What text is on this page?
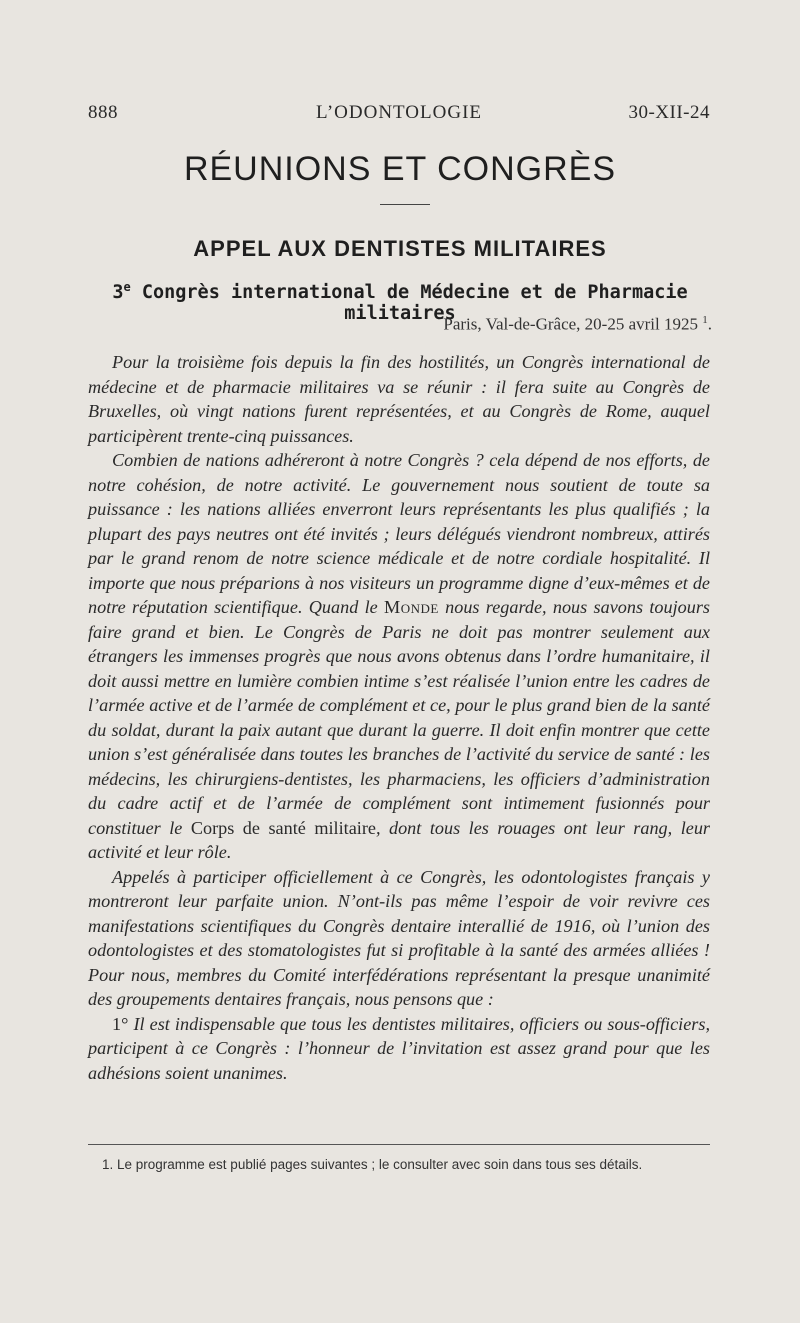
888	L’ODONTOLOGIE	30-XII-24
RÉUNIONS ET CONGRÈS
APPEL AUX DENTISTES MILITAIRES
3e Congrès international de Médecine et de Pharmacie militaires
Paris, Val-de-Grâce, 20-25 avril 1925 $^1$.

Pour la troisième fois depuis la fin des hostilités, un Congrès international de médecine et de pharmacie militaires va se réunir : il fera suite au Congrès de Bruxelles, où vingt nations furent représentées, et au Congrès de Rome, auquel participèrent trente-cinq puissances.

Combien de nations adhéreront à notre Congrès ? cela dépend de nos efforts, de notre cohésion, de notre activité. Le gouvernement nous soutient de toute sa puissance : les nations alliées enverront leurs représentants les plus qualifiés ; la plupart des pays neutres ont été invités ; leurs délégués viendront nombreux, attirés par le grand renom de notre science médicale et de notre cordiale hospitalité. Il importe que nous préparions à nos visiteurs un programme digne d’eux-mêmes et de notre réputation scientifique. Quand le Monde nous regarde, nous savons toujours faire grand et bien. Le Congrès de Paris ne doit pas montrer seulement aux étrangers les immenses progrès que nous avons obtenus dans l’ordre humanitaire, il doit aussi mettre en lumière combien intime s’est réalisée l’union entre les cadres de l’armée active et de l’armée de complément et ce, pour le plus grand bien de la santé du soldat, durant la paix autant que durant la guerre. Il doit enfin montrer que cette union s’est généralisée dans toutes les branches de l’activité du service de santé : les médecins, les chirurgiens-dentistes, les pharmaciens, les officiers d’administration du cadre actif et de l’armée de complément sont intimement fusionnés pour constituer le Corps de santé militaire, dont tous les rouages ont leur rang, leur activité et leur rôle.

Appelés à participer officiellement à ce Congrès, les odontologistes français y montreront leur parfaite union. N’ont-ils pas même l’espoir de voir revivre ces manifestations scientifiques du Congrès dentaire interallié de 1916, où l’union des odontologistes et des stomatologistes fut si profitable à la santé des armées alliées ! Pour nous, membres du Comité interfédérations représentant la presque unanimité des groupements dentaires français, nous pensons que :

1° Il est indispensable que tous les dentistes militaires, officiers ou sous-officiers, participent à ce Congrès : l’honneur de l’invitation est assez grand pour que les adhésions soient unanimes.

1. Le programme est publié pages suivantes ; le consulter avec soin dans tous ses détails.
